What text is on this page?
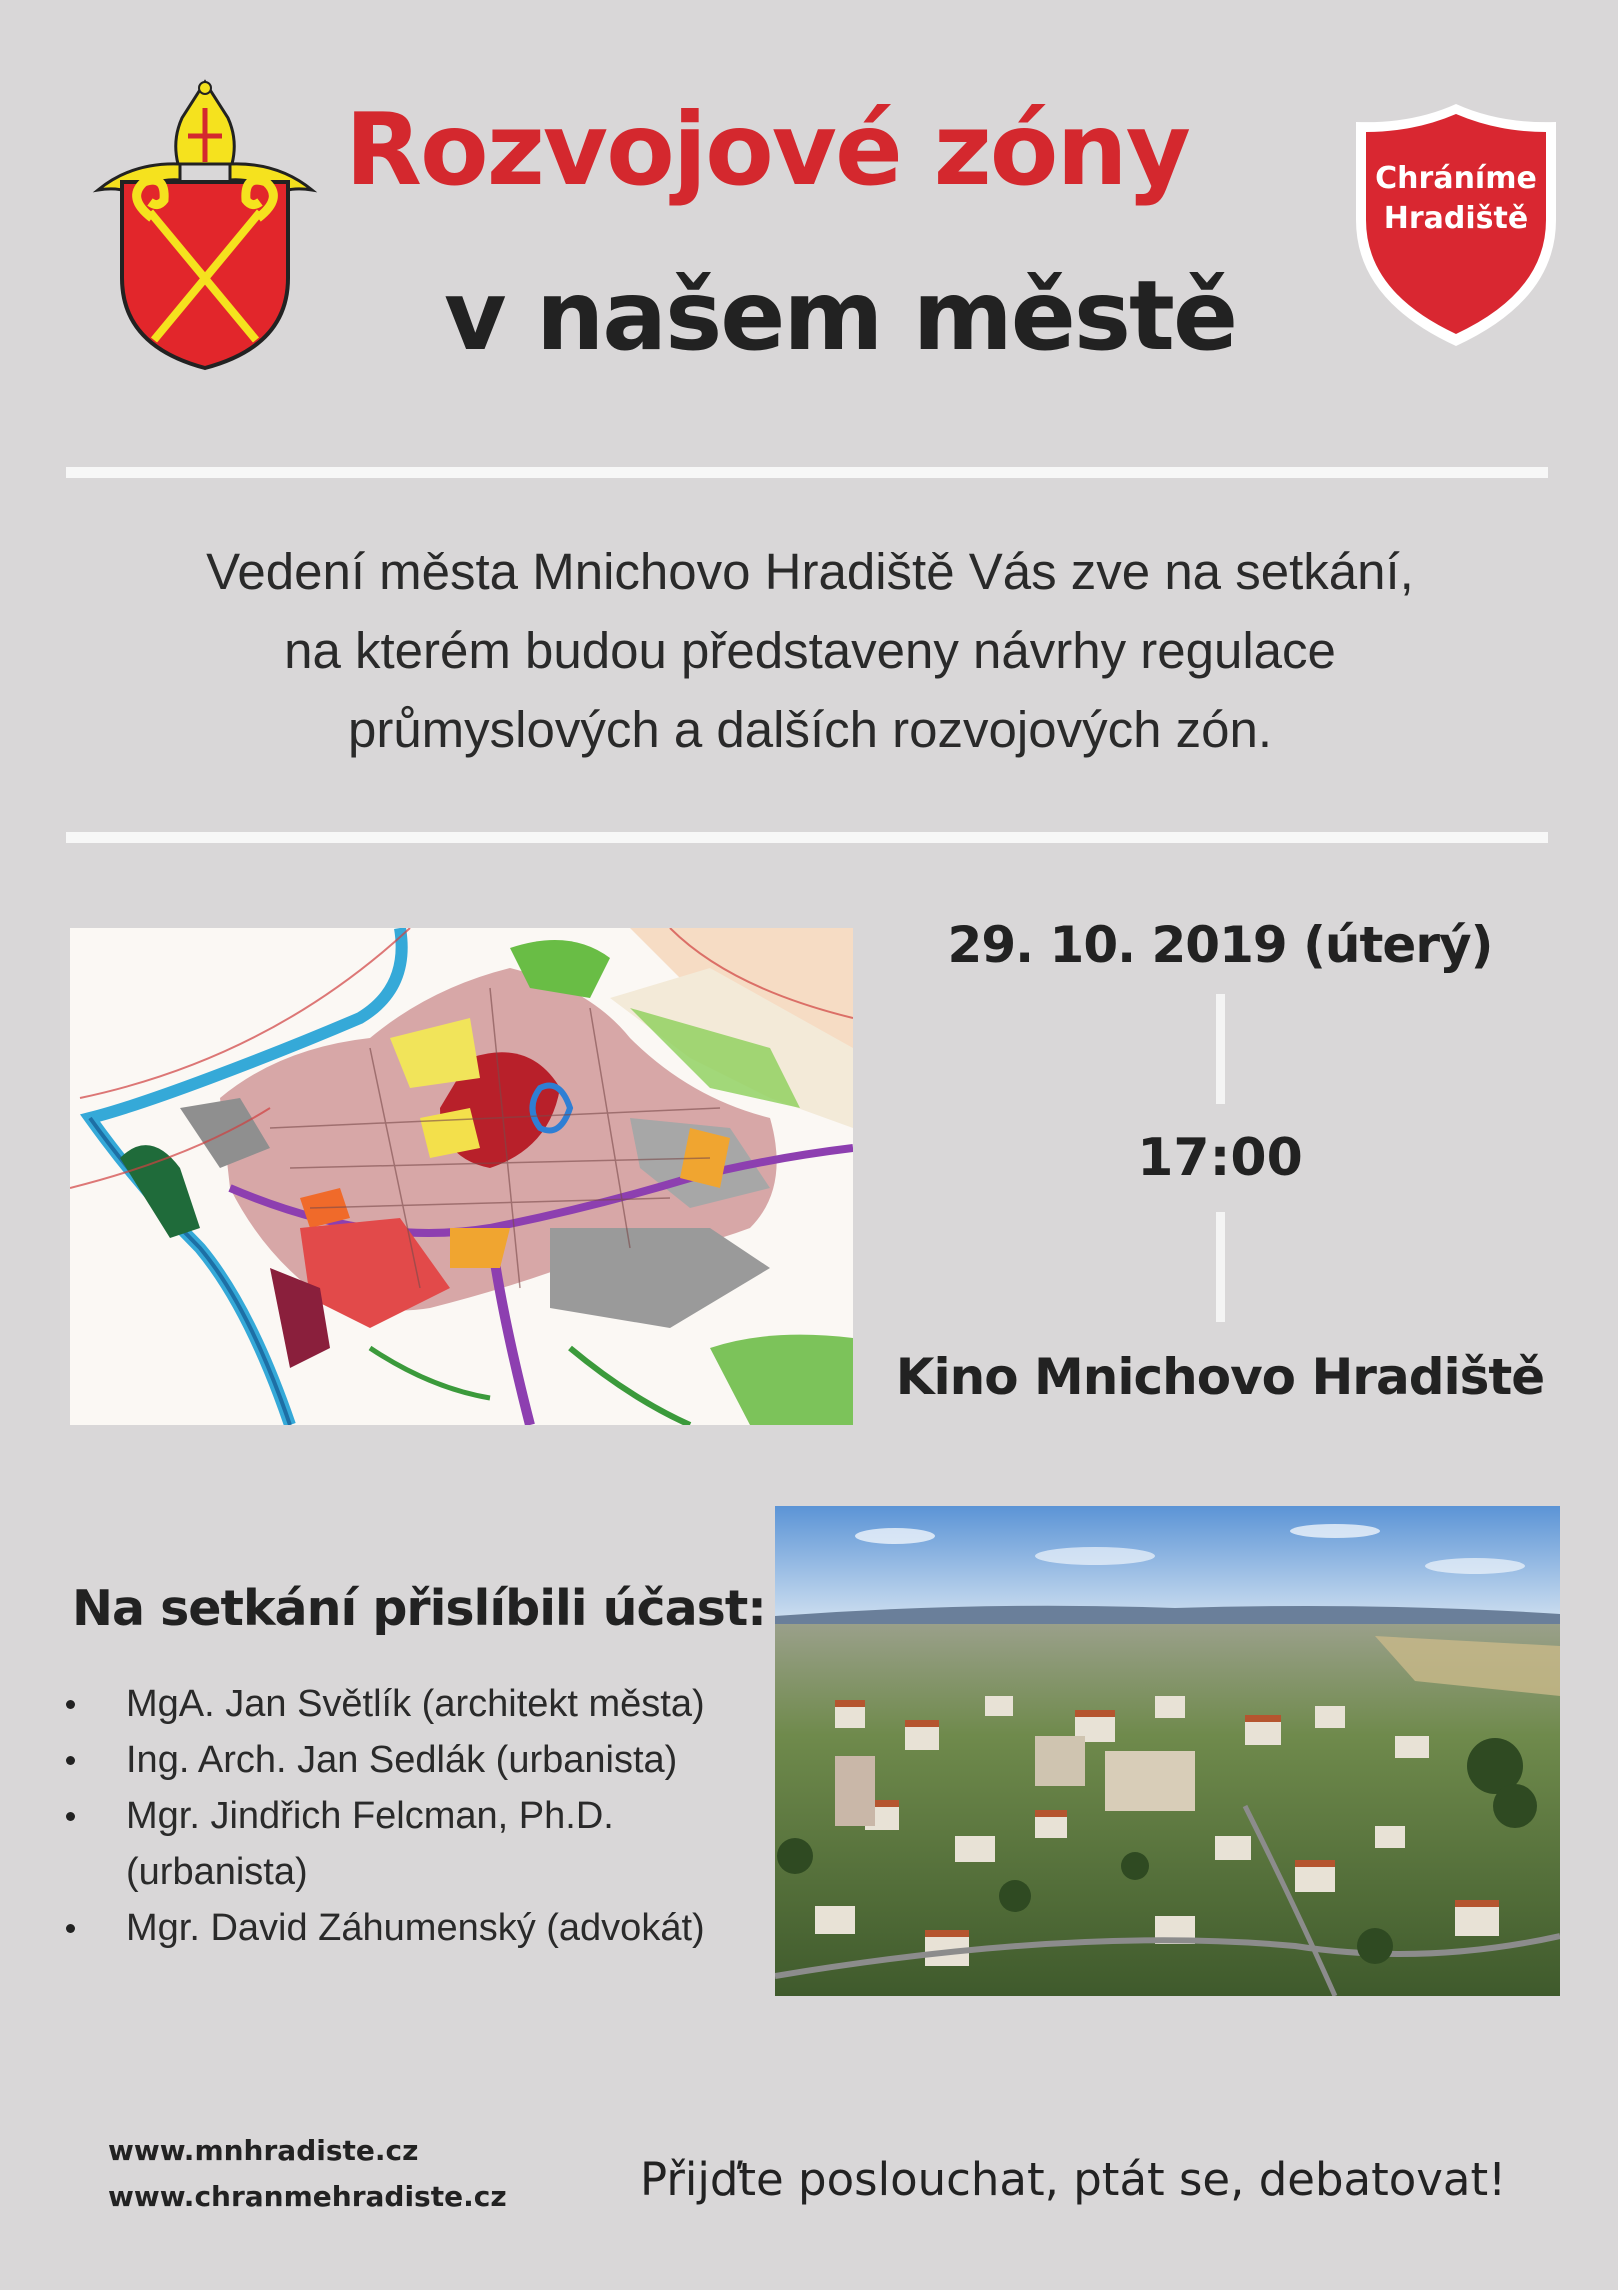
Rozvojové zóny
v našem městě
Chráníme
Hradiště
Vedení města Mnichovo Hradiště Vás zve na setkání,
na kterém budou představeny návrhy regulace
průmyslových a dalších rozvojových zón.
29. 10. 2019 (úterý)
17:00
Kino Mnichovo Hradiště
Na setkání přislíbili účast:
MgA. Jan Světlík (architekt města)
Ing. Arch. Jan Sedlák (urbanista)
Mgr. Jindřich Felcman, Ph.D. (urbanista)
Mgr. David Záhumenský (advokát)
www.mnhradiste.cz
www.chranmehradiste.cz	Přijďte poslouchat, ptát se, debatovat!
